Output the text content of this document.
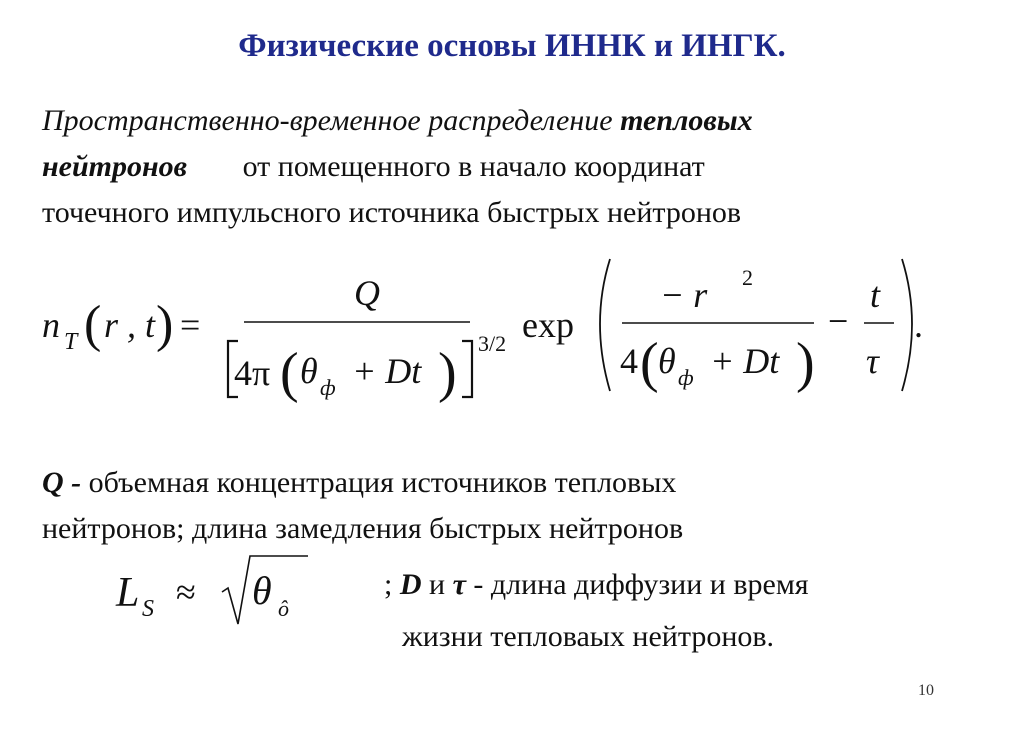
Физические основы ИННК и ИНГК.
Пространственно-временное распределение тепловых
нейтронов от помещенного в начало координат
точечного импульсного источника быстрых нейтронов
n T ( r , t ) =
Q
4π ( θ ф + Dt ) 3/2 exp
− r 2
4 ( θ ф + Dt )
−
t
τ
.
Q - объемная концентрация источников тепловых
нейтронов; длина замедления быстрых нейтронов
L S ≈ θ ô
; D и τ - длина диффузии и время
жизни тепловаых нейтронов.
10
